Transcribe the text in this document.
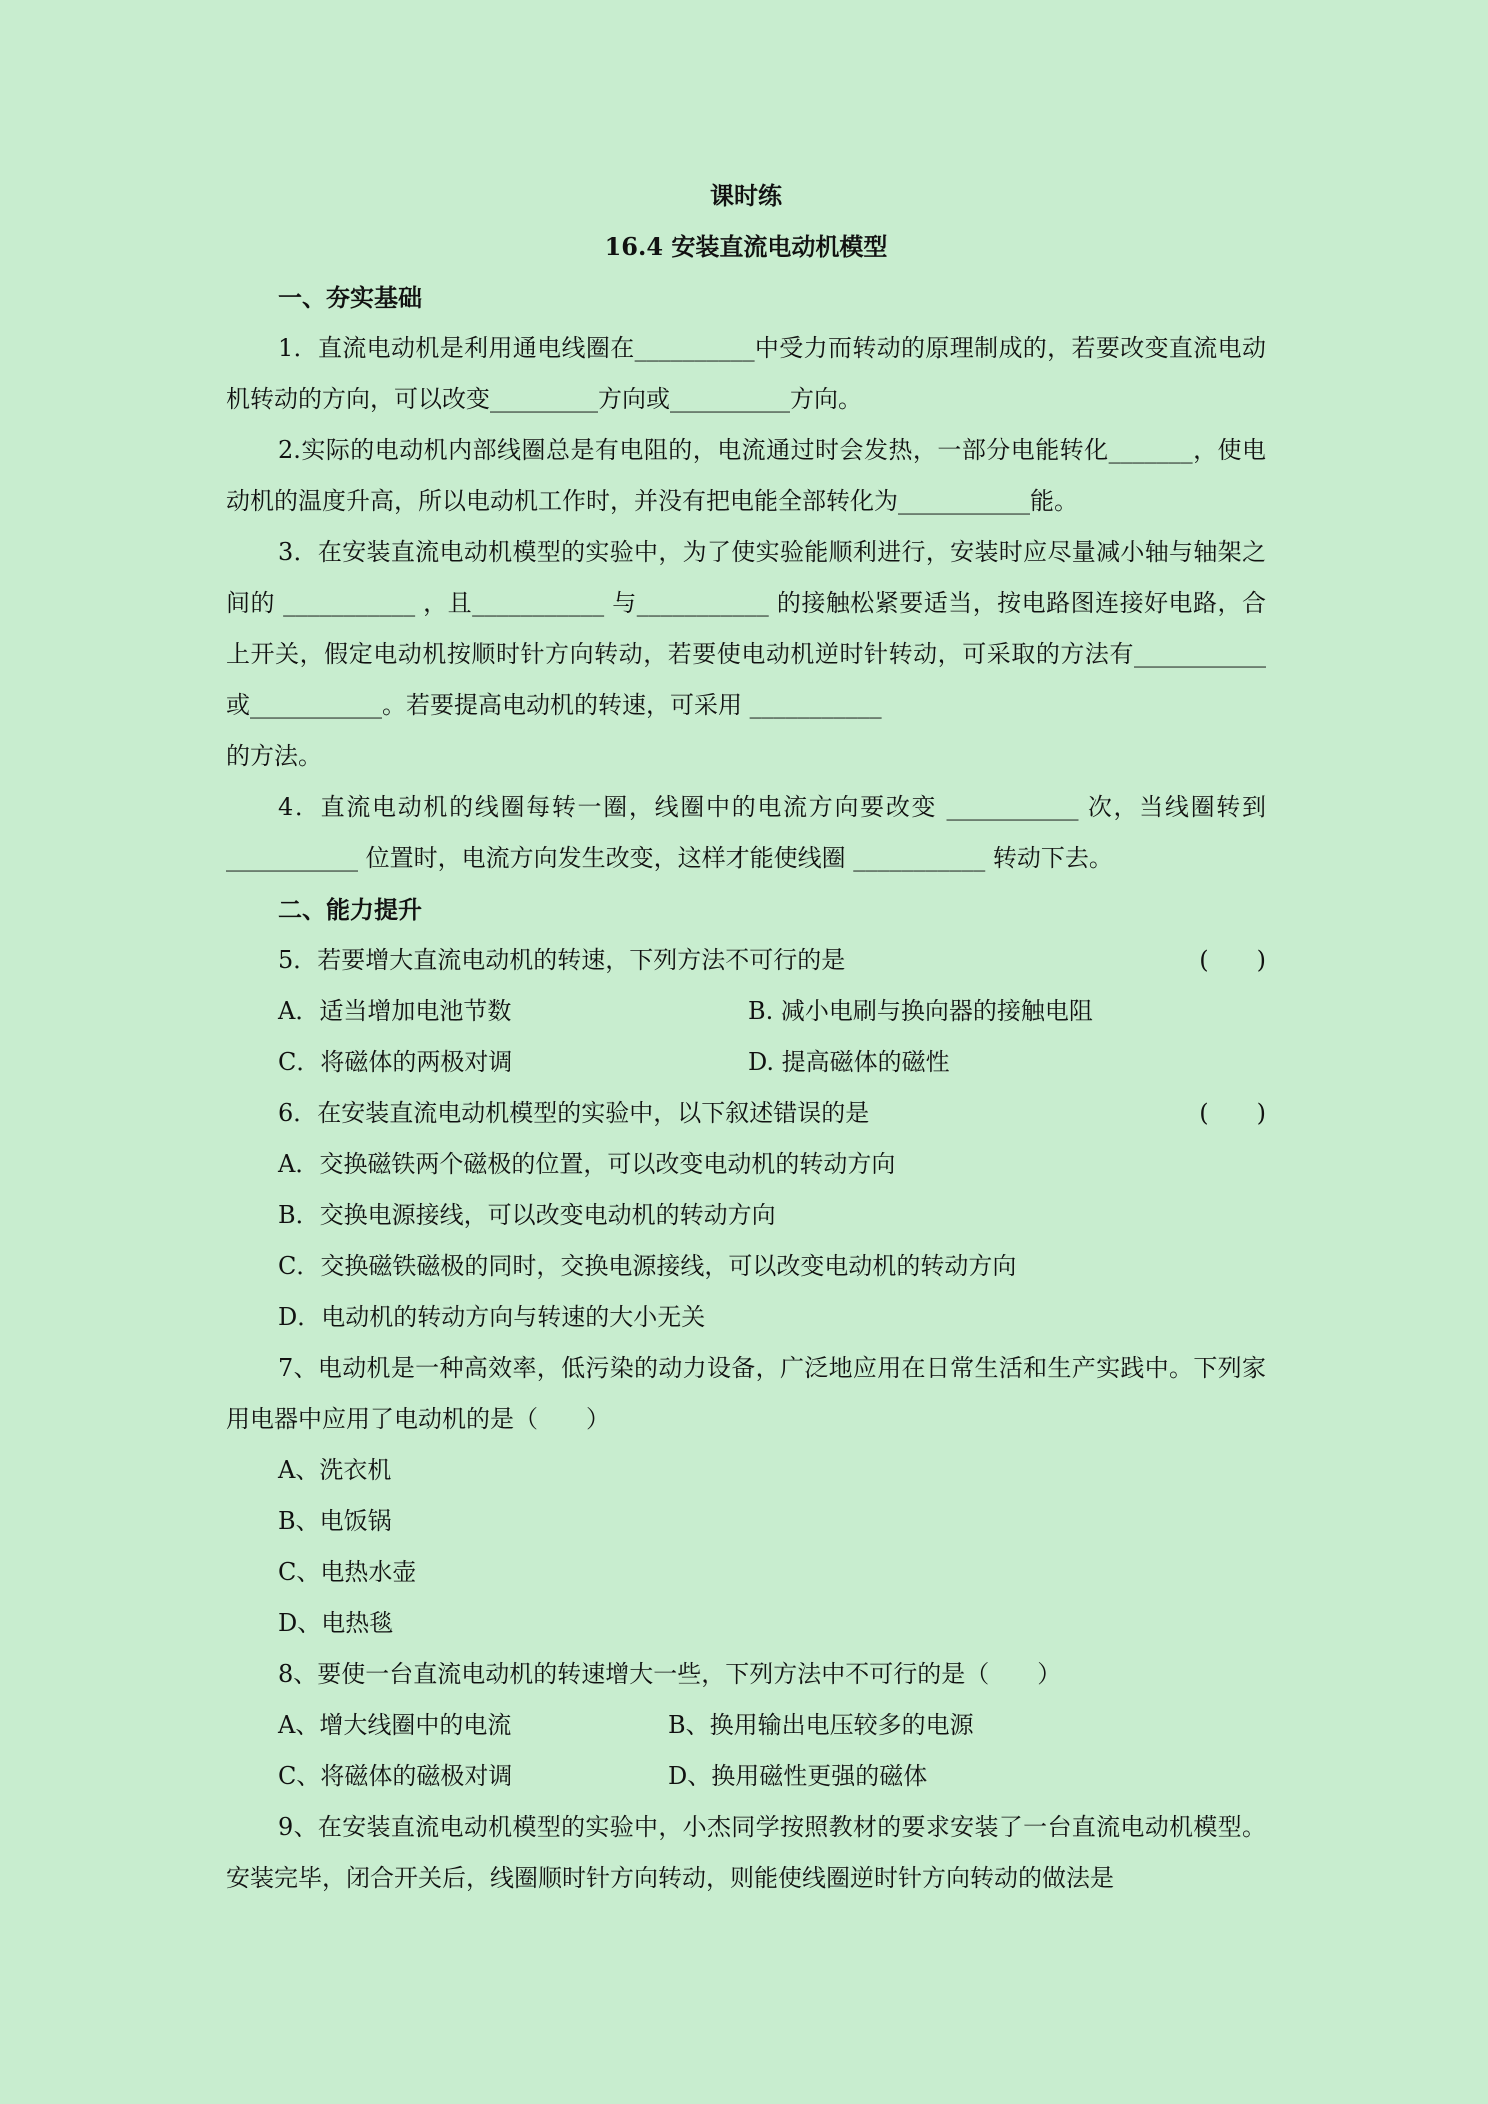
课时练

16.4 安装直流电动机模型

一、夯实基础

1．直流电动机是利用通电线圈在__________中受力而转动的原理制成的，若要改变直流电动机转动的方向，可以改变_________方向或__________方向。

2.实际的电动机内部线圈总是有电阻的，电流通过时会发热，一部分电能转化_______，使电动机的温度升高，所以电动机工作时，并没有把电能全部转化为___________能。

3．在安装直流电动机模型的实验中，为了使实验能顺利进行，安装时应尽量减小轴与轴架之间的 ___________ ，且___________ 与___________ 的接触松紧要适当，按电路图连接好电路，合上开关，假定电动机按顺时针方向转动，若要使电动机逆时针转动，可采取的方法有___________或___________。若要提高电动机的转速，可采用 ___________

的方法。

4．直流电动机的线圈每转一圈，线圈中的电流方向要改变 ___________ 次，当线圈转到___________ 位置时，电流方向发生改变，这样才能使线圈 ___________ 转动下去。

二、能力提升

5．若要增大直流电动机的转速，下列方法不可行的是	(　　)
A．适当增加电池节数	B. 减小电刷与换向器的接触电阻
C．将磁体的两极对调	D. 提高磁体的磁性
6．在安装直流电动机模型的实验中，以下叙述错误的是	(　　)

A．交换磁铁两个磁极的位置，可以改变电动机的转动方向

B．交换电源接线，可以改变电动机的转动方向

C．交换磁铁磁极的同时，交换电源接线，可以改变电动机的转动方向

D．电动机的转动方向与转速的大小无关

7、电动机是一种高效率，低污染的动力设备，广泛地应用在日常生活和生产实践中。下列家用电器中应用了电动机的是（　　）

A、洗衣机

B、电饭锅

C、电热水壶

D、电热毯

8、要使一台直流电动机的转速增大一些，下列方法中不可行的是（　　）

A、增大线圈中的电流	B、换用输出电压较多的电源
C、将磁体的磁极对调	D、换用磁性更强的磁体

9、在安装直流电动机模型的实验中，小杰同学按照教材的要求安装了一台直流电动机模型。安装完毕，闭合开关后，线圈顺时针方向转动，则能使线圈逆时针方向转动的做法是
